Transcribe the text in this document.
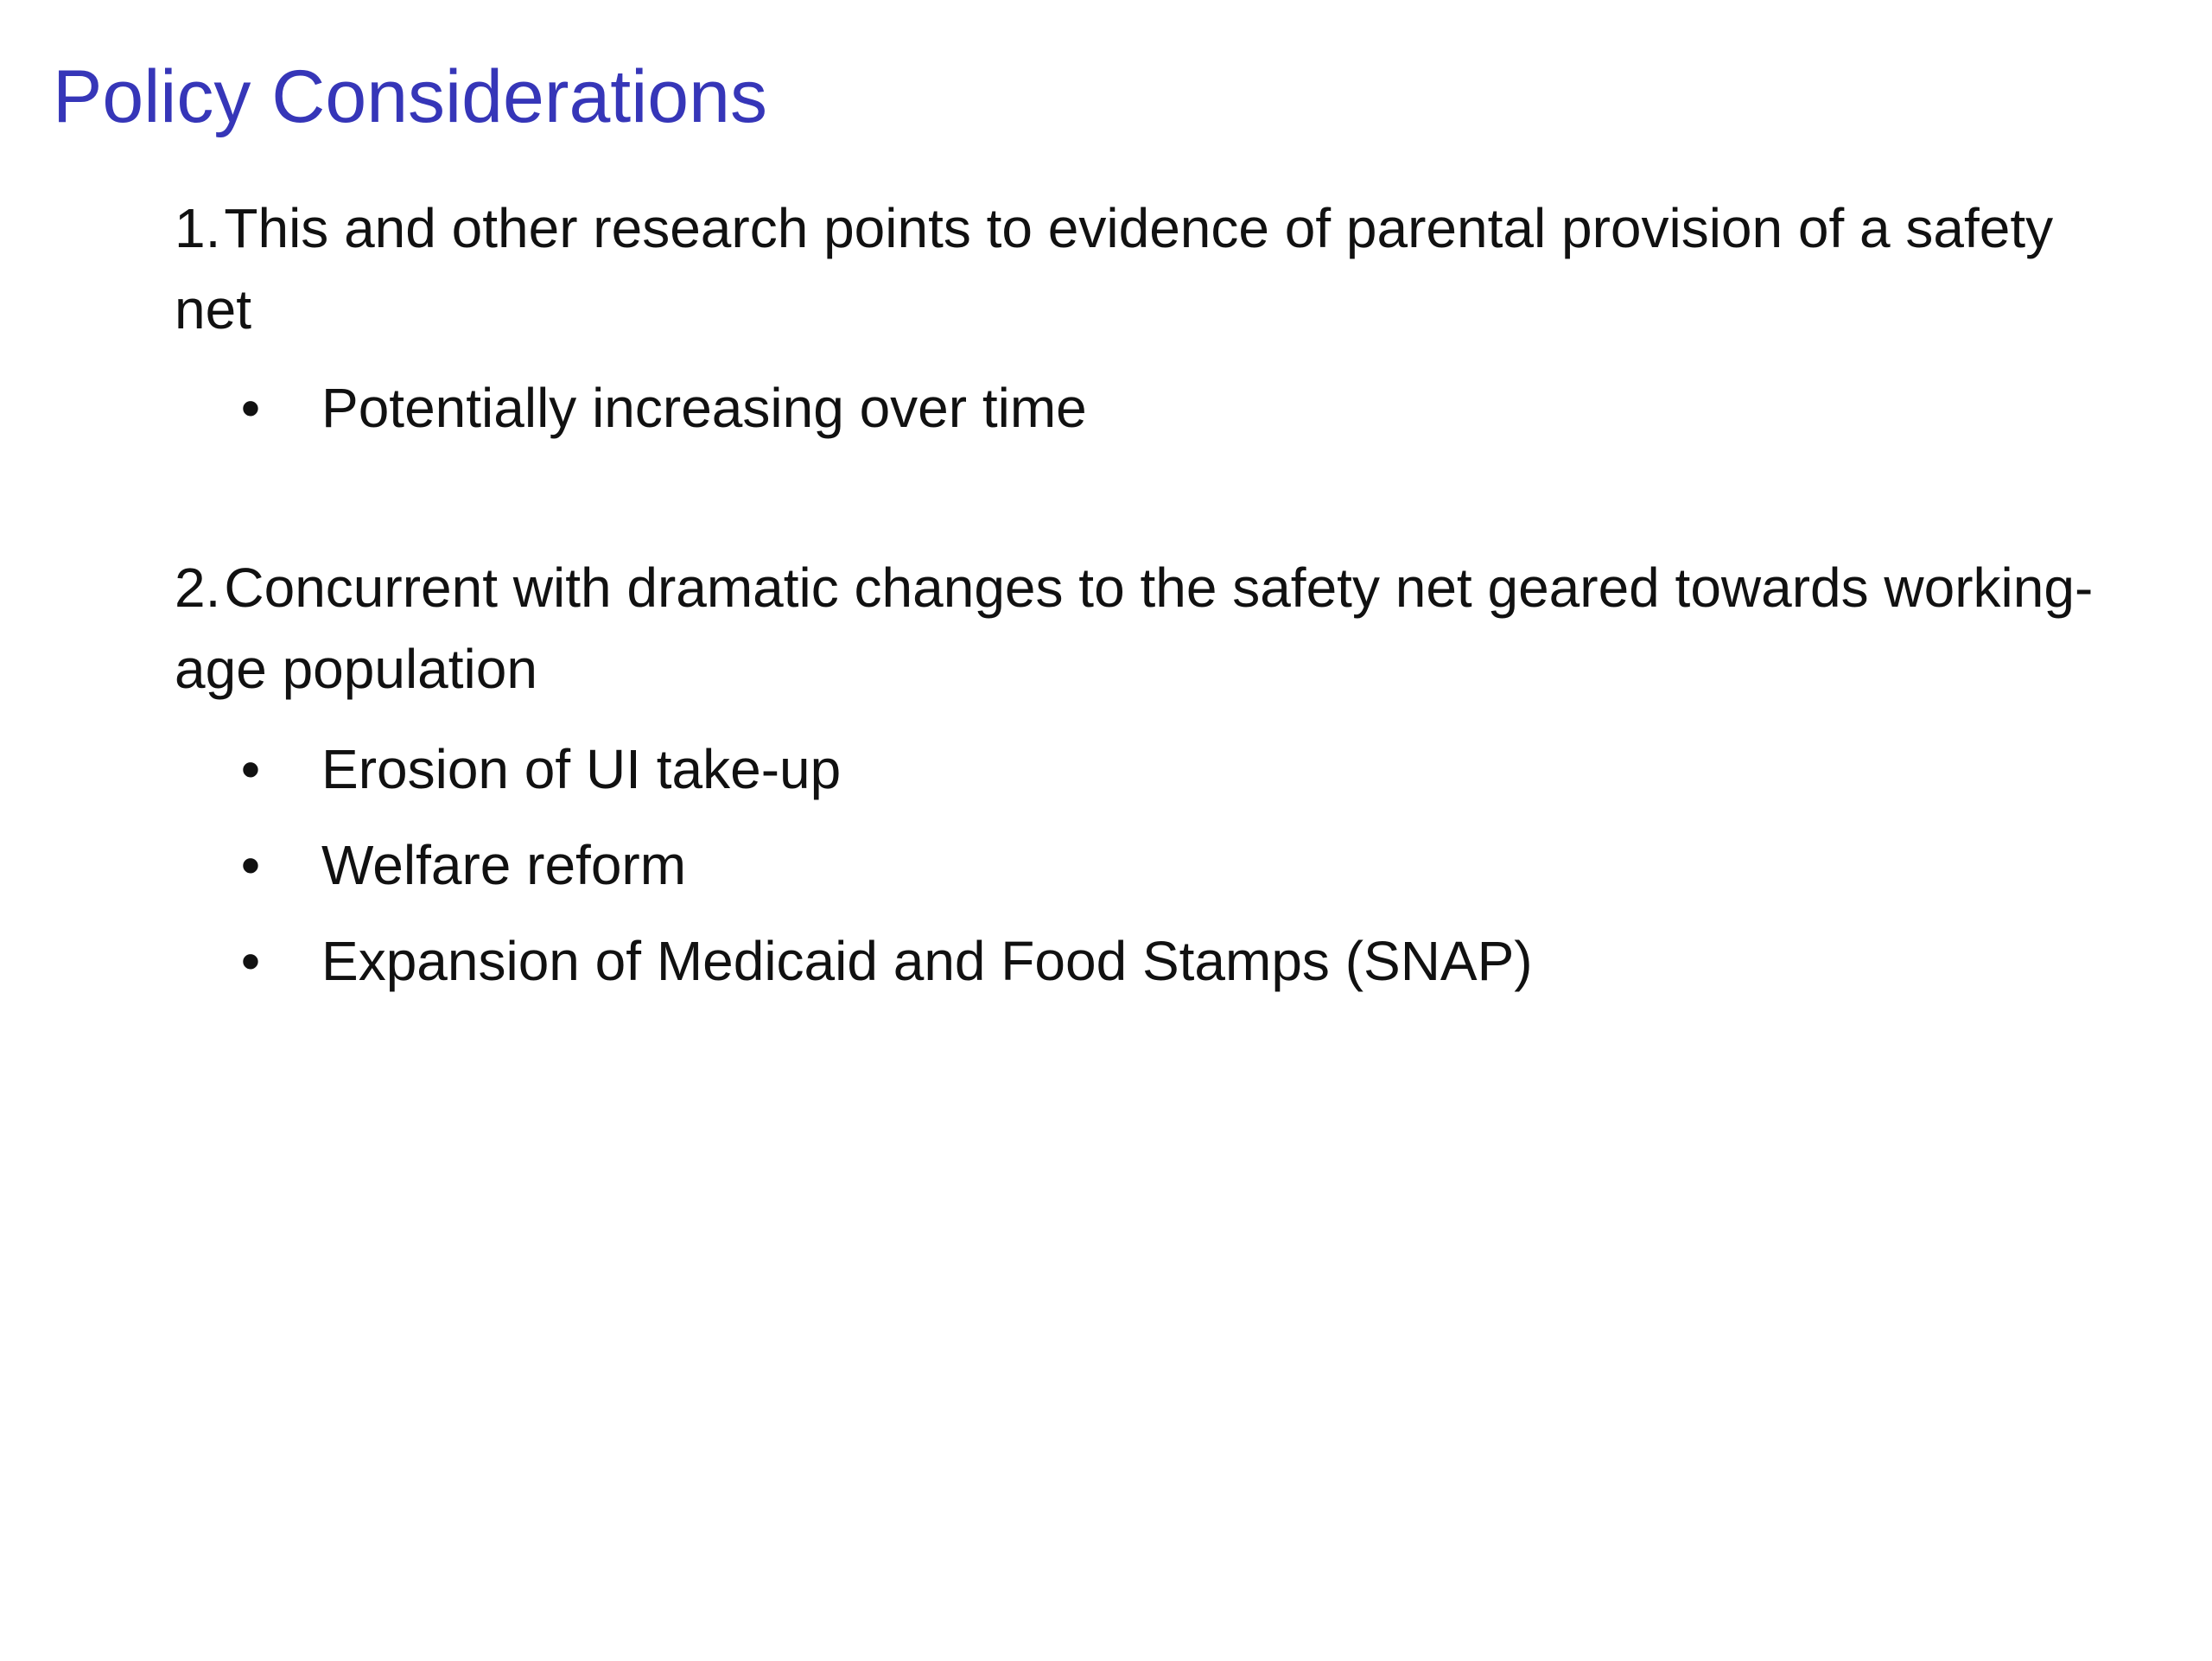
Policy Considerations

1.This and other research points to evidence of parental provision of a safety net

• Potentially increasing over time

2.Concurrent with dramatic changes to the safety net geared towards working-age population

• Erosion of UI take-up
• Welfare reform
• Expansion of Medicaid and Food Stamps (SNAP)
